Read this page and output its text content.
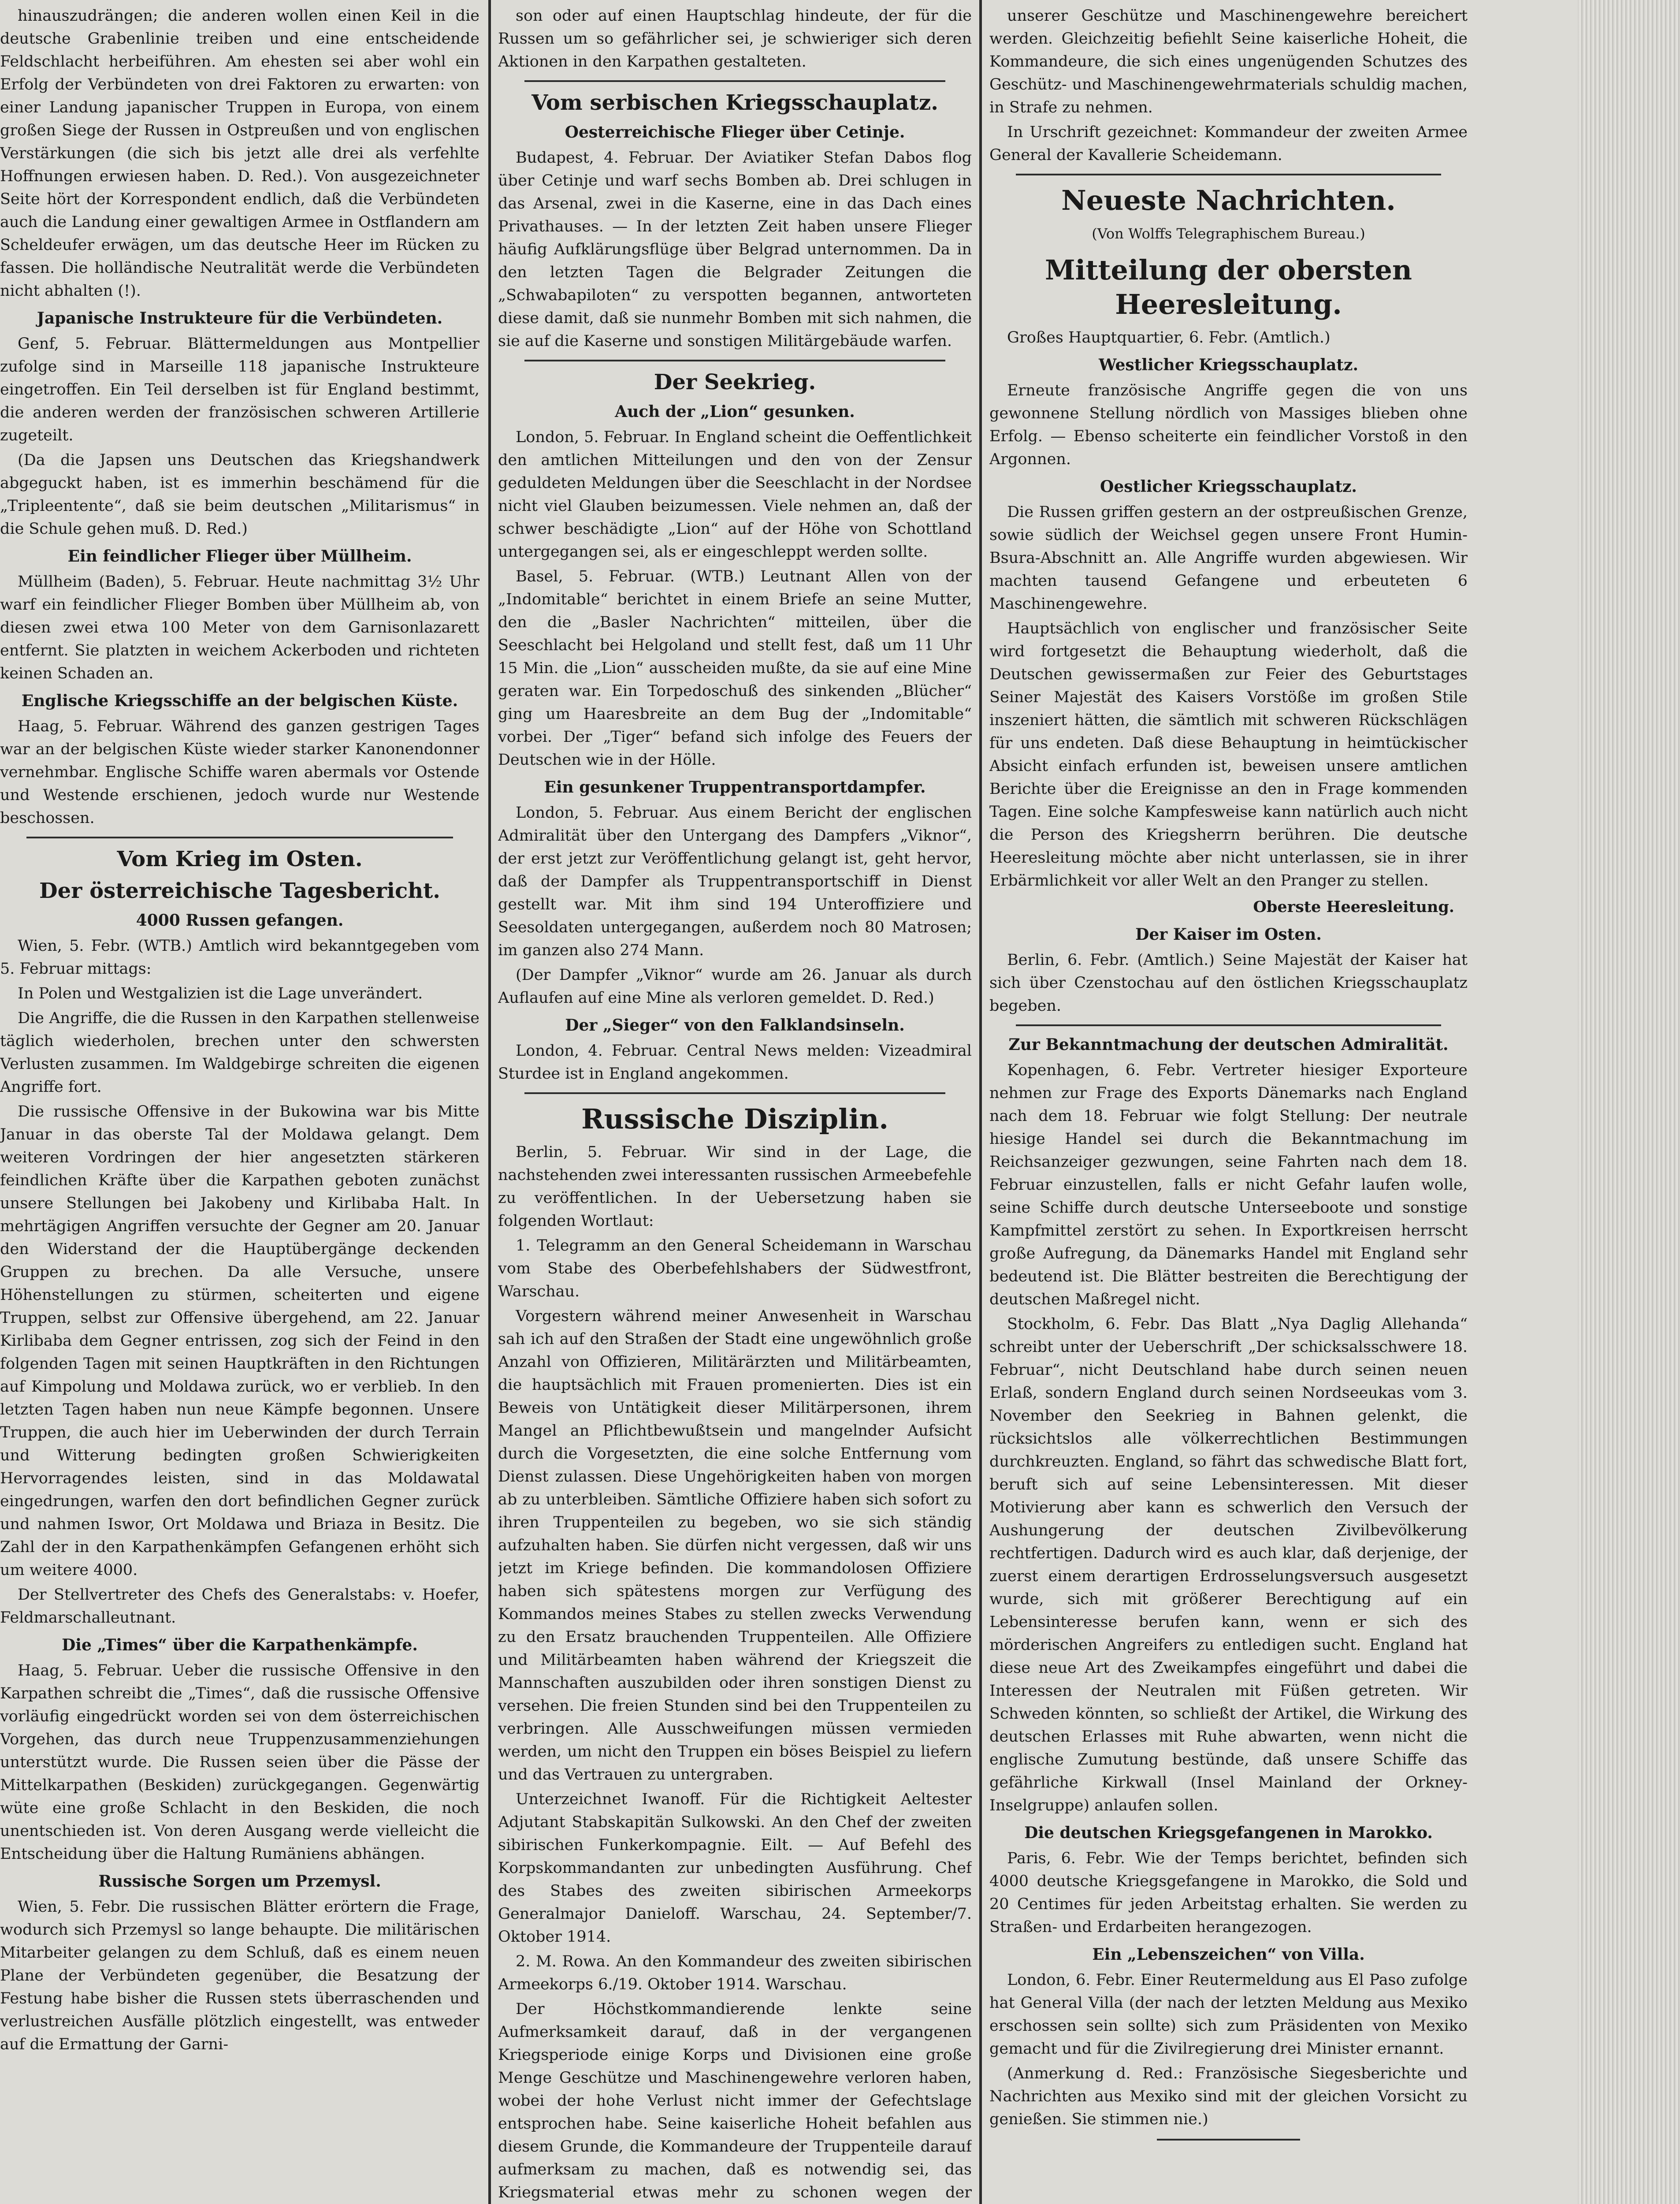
hinauszudrängen; die anderen wollen einen Keil in die deutsche Grabenlinie treiben und eine entscheidende Feldschlacht herbeiführen. Am ehesten sei aber wohl ein Erfolg der Verbündeten von drei Faktoren zu erwarten: von einer Landung japanischer Truppen in Europa, von einem großen Siege der Russen in Ostpreußen und von englischen Verstärkungen (die sich bis jetzt alle drei als verfehlte Hoffnungen erwiesen haben. D. Red.). Von ausgezeichneter Seite hört der Korrespondent endlich, daß die Verbündeten auch die Landung einer gewaltigen Armee in Ostflandern am Scheldeufer erwägen, um das deutsche Heer im Rücken zu fassen. Die holländische Neutralität werde die Verbündeten nicht abhalten (!).

Japanische Instrukteure für die Verbündeten.

Genf, 5. Februar. Blättermeldungen aus Montpellier zufolge sind in Marseille 118 japanische Instrukteure eingetroffen. Ein Teil derselben ist für England bestimmt, die anderen werden der französischen schweren Artillerie zugeteilt.

(Da die Japsen uns Deutschen das Kriegshandwerk abgeguckt haben, ist es immerhin beschämend für die „Tripleentente“, daß sie beim deutschen „Militarismus“ in die Schule gehen muß. D. Red.)

Ein feindlicher Flieger über Müllheim.

Müllheim (Baden), 5. Februar. Heute nachmittag 3½ Uhr warf ein feindlicher Flieger Bomben über Müllheim ab, von diesen zwei etwa 100 Meter von dem Garnisonlazarett entfernt. Sie platzten in weichem Ackerboden und richteten keinen Schaden an.

Englische Kriegsschiffe an der belgischen Küste.

Haag, 5. Februar. Während des ganzen gestrigen Tages war an der belgischen Küste wieder starker Kanonendonner vernehmbar. Englische Schiffe waren abermals vor Ostende und Westende erschienen, jedoch wurde nur Westende beschossen.

Vom Krieg im Osten.
Der österreichische Tagesbericht.
4000 Russen gefangen.

Wien, 5. Febr. (WTB.) Amtlich wird bekanntgegeben vom 5. Februar mittags:

In Polen und Westgalizien ist die Lage unverändert.

Die Angriffe, die die Russen in den Karpathen stellenweise täglich wiederholen, brechen unter den schwersten Verlusten zusammen. Im Waldgebirge schreiten die eigenen Angriffe fort.

Die russische Offensive in der Bukowina war bis Mitte Januar in das oberste Tal der Moldawa gelangt. Dem weiteren Vordringen der hier angesetzten stärkeren feindlichen Kräfte über die Karpathen geboten zunächst unsere Stellungen bei Jakobeny und Kirlibaba Halt. In mehrtägigen Angriffen versuchte der Gegner am 20. Januar den Widerstand der die Hauptübergänge deckenden Gruppen zu brechen. Da alle Versuche, unsere Höhenstellungen zu stürmen, scheiterten und eigene Truppen, selbst zur Offensive übergehend, am 22. Januar Kirlibaba dem Gegner entrissen, zog sich der Feind in den folgenden Tagen mit seinen Hauptkräften in den Richtungen auf Kimpolung und Moldawa zurück, wo er verblieb. In den letzten Tagen haben nun neue Kämpfe begonnen. Unsere Truppen, die auch hier im Ueberwinden der durch Terrain und Witterung bedingten großen Schwierigkeiten Hervorragendes leisten, sind in das Moldawatal eingedrungen, warfen den dort befindlichen Gegner zurück und nahmen Iswor, Ort Moldawa und Briaza in Besitz. Die Zahl der in den Karpathenkämpfen Gefangenen erhöht sich um weitere 4000.

Der Stellvertreter des Chefs des Generalstabs: v. Hoefer, Feldmarschalleutnant.

Die „Times“ über die Karpathenkämpfe.

Haag, 5. Februar. Ueber die russische Offensive in den Karpathen schreibt die „Times“, daß die russische Offensive vorläufig eingedrückt worden sei von dem österreichischen Vorgehen, das durch neue Truppenzusammenziehungen unterstützt wurde. Die Russen seien über die Pässe der Mittelkarpathen (Beskiden) zurückgegangen. Gegenwärtig wüte eine große Schlacht in den Beskiden, die noch unentschieden ist. Von deren Ausgang werde vielleicht die Entscheidung über die Haltung Rumäniens abhängen.

Russische Sorgen um Przemysl.

Wien, 5. Febr. Die russischen Blätter erörtern die Frage, wodurch sich Przemysl so lange behaupte. Die militärischen Mitarbeiter gelangen zu dem Schluß, daß es einem neuen Plane der Verbündeten gegenüber, die Besatzung der Festung habe bisher die Russen stets überraschenden und verlustreichen Ausfälle plötzlich eingestellt, was entweder auf die Ermattung der Garni-

son oder auf einen Hauptschlag hindeute, der für die Russen um so gefährlicher sei, je schwieriger sich deren Aktionen in den Karpathen gestalteten.

Vom serbischen Kriegsschauplatz.
Oesterreichische Flieger über Cetinje.

Budapest, 4. Februar. Der Aviatiker Stefan Dabos flog über Cetinje und warf sechs Bomben ab. Drei schlugen in das Arsenal, zwei in die Kaserne, eine in das Dach eines Privathauses. — In der letzten Zeit haben unsere Flieger häufig Aufklärungsflüge über Belgrad unternommen. Da in den letzten Tagen die Belgrader Zeitungen die „Schwabapiloten“ zu verspotten begannen, antworteten diese damit, daß sie nunmehr Bomben mit sich nahmen, die sie auf die Kaserne und sonstigen Militärgebäude warfen.

Der Seekrieg.
Auch der „Lion“ gesunken.

London, 5. Februar. In England scheint die Oeffentlichkeit den amtlichen Mitteilungen und den von der Zensur geduldeten Meldungen über die Seeschlacht in der Nordsee nicht viel Glauben beizumessen. Viele nehmen an, daß der schwer beschädigte „Lion“ auf der Höhe von Schottland untergegangen sei, als er eingeschleppt werden sollte.

Basel, 5. Februar. (WTB.) Leutnant Allen von der „Indomitable“ berichtet in einem Briefe an seine Mutter, den die „Basler Nachrichten“ mitteilen, über die Seeschlacht bei Helgoland und stellt fest, daß um 11 Uhr 15 Min. die „Lion“ ausscheiden mußte, da sie auf eine Mine geraten war. Ein Torpedoschuß des sinkenden „Blücher“ ging um Haaresbreite an dem Bug der „Indomitable“ vorbei. Der „Tiger“ befand sich infolge des Feuers der Deutschen wie in der Hölle.

Ein gesunkener Truppentransportdampfer.

London, 5. Februar. Aus einem Bericht der englischen Admiralität über den Untergang des Dampfers „Viknor“, der erst jetzt zur Veröffentlichung gelangt ist, geht hervor, daß der Dampfer als Truppentransportschiff in Dienst gestellt war. Mit ihm sind 194 Unteroffiziere und Seesoldaten untergegangen, außerdem noch 80 Matrosen; im ganzen also 274 Mann.

(Der Dampfer „Viknor“ wurde am 26. Januar als durch Auflaufen auf eine Mine als verloren gemeldet. D. Red.)

Der „Sieger“ von den Falklandsinseln.

London, 4. Februar. Central News melden: Vizeadmiral Sturdee ist in England angekommen.

Russische Disziplin.

Berlin, 5. Februar. Wir sind in der Lage, die nachstehenden zwei interessanten russischen Armeebefehle zu veröffentlichen. In der Uebersetzung haben sie folgenden Wortlaut:

1. Telegramm an den General Scheidemann in Warschau vom Stabe des Oberbefehlshabers der Südwestfront, Warschau.

Vorgestern während meiner Anwesenheit in Warschau sah ich auf den Straßen der Stadt eine ungewöhnlich große Anzahl von Offizieren, Militärärzten und Militärbeamten, die hauptsächlich mit Frauen promenierten. Dies ist ein Beweis von Untätigkeit dieser Militärpersonen, ihrem Mangel an Pflichtbewußtsein und mangelnder Aufsicht durch die Vorgesetzten, die eine solche Entfernung vom Dienst zulassen. Diese Ungehörigkeiten haben von morgen ab zu unterbleiben. Sämtliche Offiziere haben sich sofort zu ihren Truppenteilen zu begeben, wo sie sich ständig aufzuhalten haben. Sie dürfen nicht vergessen, daß wir uns jetzt im Kriege befinden. Die kommandolosen Offiziere haben sich spätestens morgen zur Verfügung des Kommandos meines Stabes zu stellen zwecks Verwendung zu den Ersatz brauchenden Truppenteilen. Alle Offiziere und Militärbeamten haben während der Kriegszeit die Mannschaften auszubilden oder ihren sonstigen Dienst zu versehen. Die freien Stunden sind bei den Truppenteilen zu verbringen. Alle Ausschweifungen müssen vermieden werden, um nicht den Truppen ein böses Beispiel zu liefern und das Vertrauen zu untergraben.

Unterzeichnet Iwanoff. Für die Richtigkeit Aeltester Adjutant Stabskapitän Sulkowski. An den Chef der zweiten sibirischen Funkerkompagnie. Eilt. — Auf Befehl des Korpskommandanten zur unbedingten Ausführung. Chef des Stabes des zweiten sibirischen Armeekorps Generalmajor Danieloff. Warschau, 24. September/7. Oktober 1914.

2. M. Rowa. An den Kommandeur des zweiten sibirischen Armeekorps 6./19. Oktober 1914. Warschau.

Der Höchstkommandierende lenkte seine Aufmerksamkeit darauf, daß in der vergangenen Kriegsperiode einige Korps und Divisionen eine große Menge Geschütze und Maschinengewehre verloren haben, wobei der hohe Verlust nicht immer der Gefechtslage entsprochen habe. Seine kaiserliche Hoheit befahlen aus diesem Grunde, die Kommandeure der Truppenteile darauf aufmerksam zu machen, daß es notwendig sei, das Kriegsmaterial etwas mehr zu schonen wegen der

unserer Geschütze und Maschinengewehre bereichert werden. Gleichzeitig befiehlt Seine kaiserliche Hoheit, die Kommandeure, die sich eines ungenügenden Schutzes des Geschütz- und Maschinengewehrmaterials schuldig machen, in Strafe zu nehmen.

In Urschrift gezeichnet: Kommandeur der zweiten Armee General der Kavallerie Scheidemann.

Neueste Nachrichten.
(Von Wolffs Telegraphischem Bureau.)
Mitteilung der obersten Heeresleitung.

Großes Hauptquartier, 6. Febr. (Amtlich.)

Westlicher Kriegsschauplatz.

Erneute französische Angriffe gegen die von uns gewonnene Stellung nördlich von Massiges blieben ohne Erfolg. — Ebenso scheiterte ein feindlicher Vorstoß in den Argonnen.

Oestlicher Kriegsschauplatz.

Die Russen griffen gestern an der ostpreußischen Grenze, sowie südlich der Weichsel gegen unsere Front Humin-Bsura-Abschnitt an. Alle Angriffe wurden abgewiesen. Wir machten tausend Gefangene und erbeuteten 6 Maschinengewehre.

Hauptsächlich von englischer und französischer Seite wird fortgesetzt die Behauptung wiederholt, daß die Deutschen gewissermaßen zur Feier des Geburtstages Seiner Majestät des Kaisers Vorstöße im großen Stile inszeniert hätten, die sämtlich mit schweren Rückschlägen für uns endeten. Daß diese Behauptung in heimtückischer Absicht einfach erfunden ist, beweisen unsere amtlichen Berichte über die Ereignisse an den in Frage kommenden Tagen. Eine solche Kampfesweise kann natürlich auch nicht die Person des Kriegsherrn berühren. Die deutsche Heeresleitung möchte aber nicht unterlassen, sie in ihrer Erbärmlichkeit vor aller Welt an den Pranger zu stellen.

Oberste Heeresleitung.
Der Kaiser im Osten.

Berlin, 6. Febr. (Amtlich.) Seine Majestät der Kaiser hat sich über Czenstochau auf den östlichen Kriegsschauplatz begeben.

Zur Bekanntmachung der deutschen Admiralität.

Kopenhagen, 6. Febr. Vertreter hiesiger Exporteure nehmen zur Frage des Exports Dänemarks nach England nach dem 18. Februar wie folgt Stellung: Der neutrale hiesige Handel sei durch die Bekanntmachung im Reichsanzeiger gezwungen, seine Fahrten nach dem 18. Februar einzustellen, falls er nicht Gefahr laufen wolle, seine Schiffe durch deutsche Unterseeboote und sonstige Kampfmittel zerstört zu sehen. In Exportkreisen herrscht große Aufregung, da Dänemarks Handel mit England sehr bedeutend ist. Die Blätter bestreiten die Berechtigung der deutschen Maßregel nicht.

Stockholm, 6. Febr. Das Blatt „Nya Daglig Allehanda“ schreibt unter der Ueberschrift „Der schicksalsschwere 18. Februar“, nicht Deutschland habe durch seinen neuen Erlaß, sondern England durch seinen Nordseeukas vom 3. November den Seekrieg in Bahnen gelenkt, die rücksichtslos alle völkerrechtlichen Bestimmungen durchkreuzten. England, so fährt das schwedische Blatt fort, beruft sich auf seine Lebensinteressen. Mit dieser Motivierung aber kann es schwerlich den Versuch der Aushungerung der deutschen Zivilbevölkerung rechtfertigen. Dadurch wird es auch klar, daß derjenige, der zuerst einem derartigen Erdrosselungsversuch ausgesetzt wurde, sich mit größerer Berechtigung auf ein Lebensinteresse berufen kann, wenn er sich des mörderischen Angreifers zu entledigen sucht. England hat diese neue Art des Zweikampfes eingeführt und dabei die Interessen der Neutralen mit Füßen getreten. Wir Schweden könnten, so schließt der Artikel, die Wirkung des deutschen Erlasses mit Ruhe abwarten, wenn nicht die englische Zumutung bestünde, daß unsere Schiffe das gefährliche Kirkwall (Insel Mainland der Orkney-Inselgruppe) anlaufen sollen.

Die deutschen Kriegsgefangenen in Marokko.

Paris, 6. Febr. Wie der Temps berichtet, befinden sich 4000 deutsche Kriegsgefangene in Marokko, die Sold und 20 Centimes für jeden Arbeitstag erhalten. Sie werden zu Straßen- und Erdarbeiten herangezogen.

Ein „Lebenszeichen“ von Villa.

London, 6. Febr. Einer Reutermeldung aus El Paso zufolge hat General Villa (der nach der letzten Meldung aus Mexiko erschossen sein sollte) sich zum Präsidenten von Mexiko gemacht und für die Zivilregierung drei Minister ernannt.

(Anmerkung d. Red.: Französische Siegesberichte und Nachrichten aus Mexiko sind mit der gleichen Vorsicht zu genießen. Sie stimmen nie.)
